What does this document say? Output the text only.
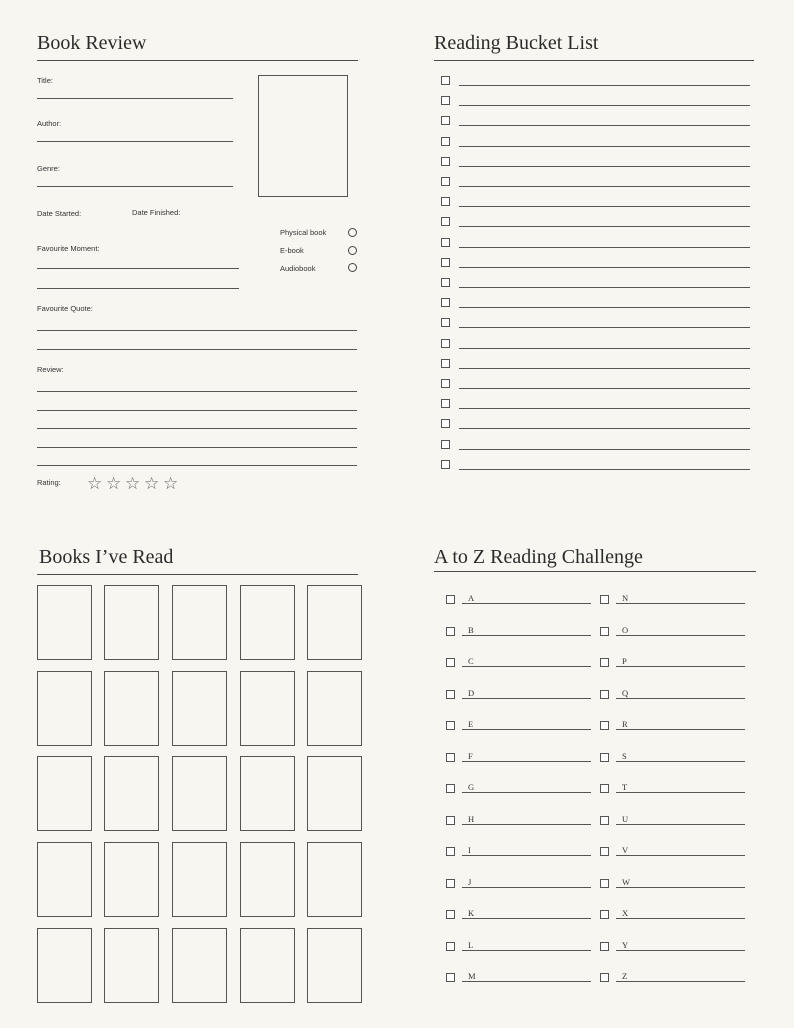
Book Review
Title:
Author:
Genre:
Date Started:	Date Finished:
Physical book
E-book
Audiobook
Favourite Moment:
Favourite Quote:
Review:
Rating: ☆ ☆ ☆ ☆ ☆
Reading Bucket List
Books I’ve Read	A to Z Reading Challenge
A
B
C
D
E
F
G
H
I
J
K
L
M
N
O
P
Q
R
S
T
U
V
W
X
Y
Z
